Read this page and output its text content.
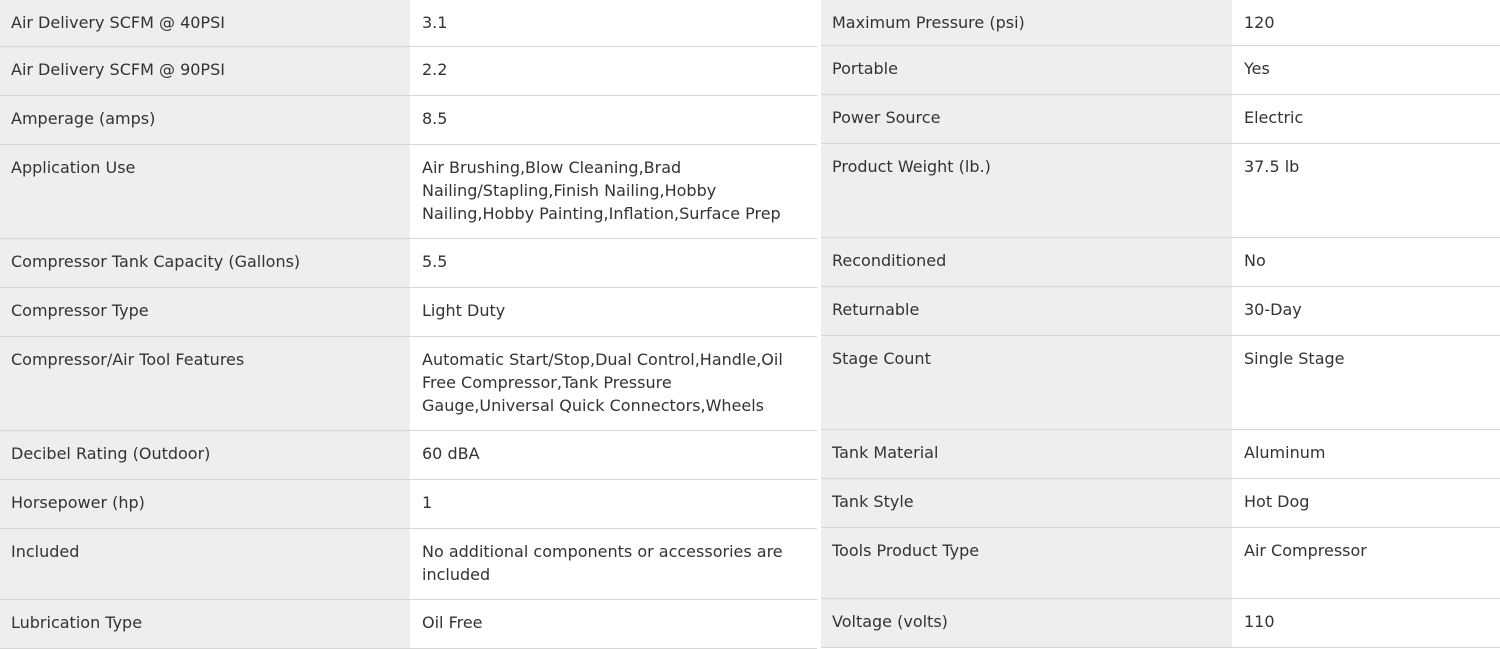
Air Delivery SCFM @ 40PSI	3.1
Air Delivery SCFM @ 90PSI	2.2
Amperage (amps)	8.5
Application Use	Air Brushing,Blow Cleaning,Brad Nailing/Stapling,Finish Nailing,Hobby Nailing,Hobby Painting,Inflation,Surface Prep
Compressor Tank Capacity (Gallons)	5.5
Compressor Type	Light Duty
Compressor/Air Tool Features	Automatic Start/Stop,Dual Control,Handle,Oil Free Compressor,Tank Pressure Gauge,Universal Quick Connectors,Wheels
Decibel Rating (Outdoor)	60 dBA
Horsepower (hp)	1
Included	No additional components or accessories are included
Lubrication Type	Oil Free
Maximum Pressure (psi)	120
Portable	Yes
Power Source	Electric
Product Weight (lb.)	37.5 lb
Reconditioned	No
Returnable	30-Day
Stage Count	Single Stage
Tank Material	Aluminum
Tank Style	Hot Dog
Tools Product Type	Air Compressor
Voltage (volts)	110
